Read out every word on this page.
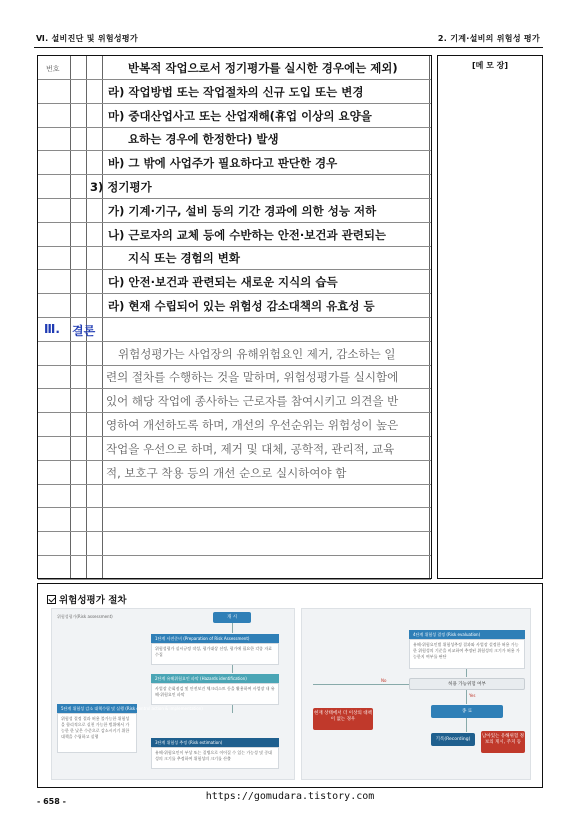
Ⅵ. 설비진단 및 위험성평가	2. 기계·설비의 위험성 평가
번호	반복적 작업으로서 정기평가를 실시한 경우에는 제외)
라) 작업방법 또는 작업절차의 신규 도입 또는 변경
마) 중대산업사고 또는 산업재해(휴업 이상의 요양을
요하는 경우에 한정한다) 발생
바) 그 밖에 사업주가 필요하다고 판단한 경우
3) 정기평가
가) 기계·기구, 설비 등의 기간 경과에 의한 성능 저하
나) 근로자의 교체 등에 수반하는 안전·보건과 관련되는
지식 또는 경험의 변화
다) 안전·보건과 관련되는 새로운 지식의 습득
라) 현재 수립되어 있는 위험성 감소대책의 유효성 등
Ⅲ. 결론
위험성평가는 사업장의 유해위험요인 제거, 감소하는 일
련의 절차를 수행하는 것을 말하며, 위험성평가를 실시함에
있어 해당 작업에 종사하는 근로자를 참여시키고 의견을 반
영하여 개선하도록 하며, 개선의 우선순위는 위험성이 높은
작업을 우선으로 하며, 제거 및 대체, 공학적, 관리적, 교육
적, 보호구 착용 등의 개선 순으로 실시하여야 함
[메 모 장]
위험성평가 절차
위험성평가(Risk assessment)	개 시
1단계 사전준비 (Preparation of Risk Assessment)
위험성평가 실시규정 작성, 평가대상 선정, 평가에 필요한 각종 자료 수집
2단계 유해위험요인 파악 (Hazards identification)
사업장 순회점검 및 안전보건 체크리스트 등을 활용하여 사업장 내 유해·위험요인 파악
3단계 위험성 추정 (Risk estimation)
유해·위험요인이 부상 또는 질병으로 이어질 수 있는 가능성 및 중대성의 크기를 추정하여 위험성의 크기를 산출
5단계 위험성 감소 대책수립 및 실행 (Risk control action & implementation)
위험성 결정 결과 허용 불가능한 위험성을 합리적으로 실천 가능한 범위에서 가능한 한 낮은 수준으로 감소시키기 위한 대책을 수립하고 실행
4단계 위험성 결정 (Risk evaluation)
유해·위험요인별 위험성추정 결과와 사업장 설정한 허용 가능한 위험성의 기준을 비교하여 추정된 위험성의 크기가 허용 가능한지 여부를 판단
허용 가능위험 여부
No
Yes
종 료
기록(Recording)
남아있는 유해위험 정보의 게시, 주지 등
현재 상태에서 더 이상의 대책이 없는 경우
- 658 -	https://gomudara.tistory.com
